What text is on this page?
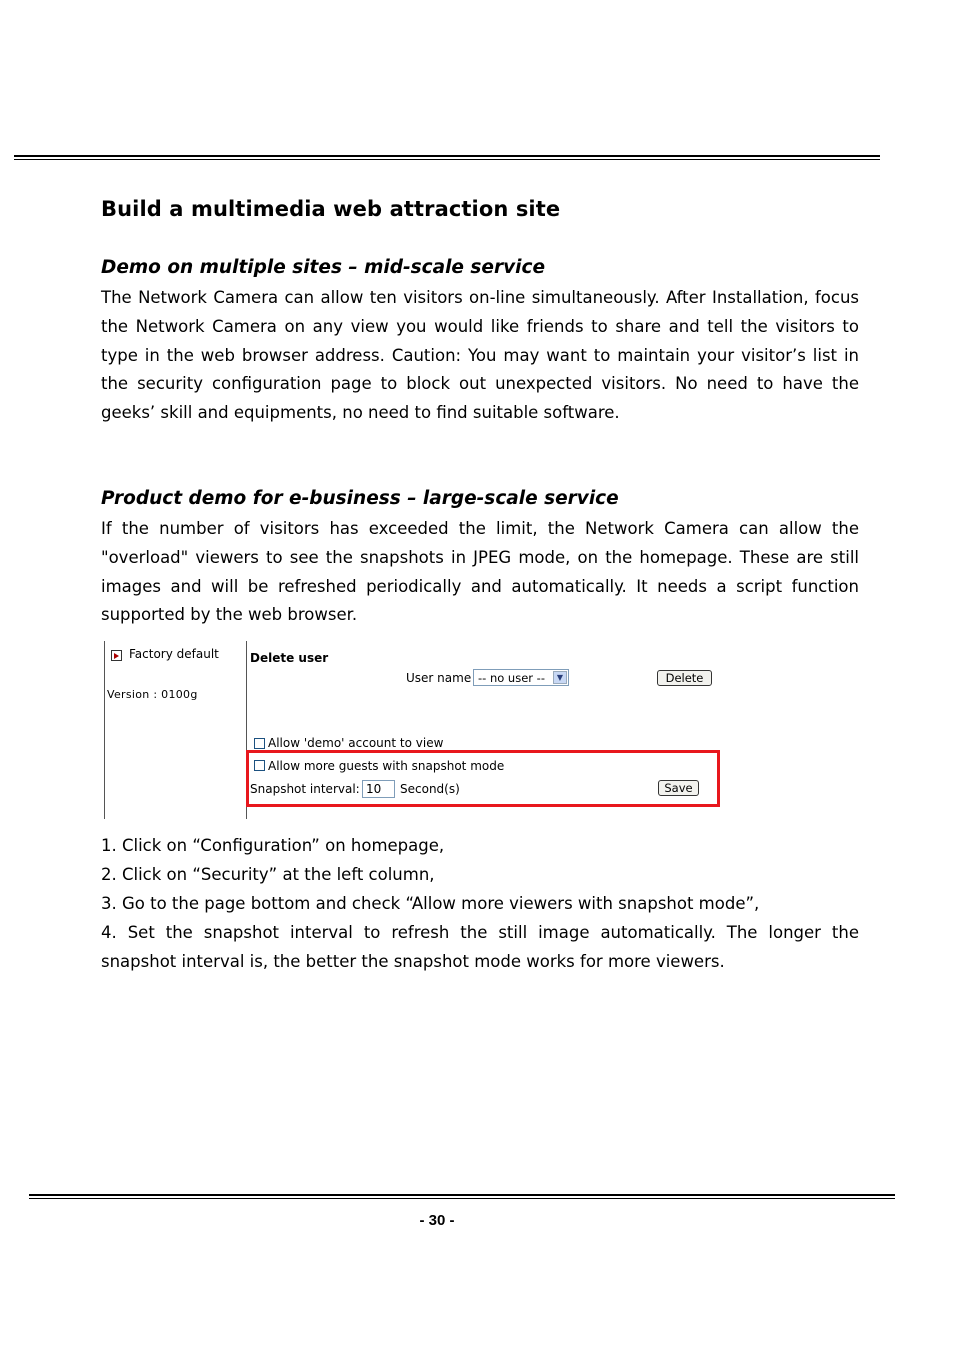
Build a multimedia web attraction site
Demo on multiple sites – mid-scale service

The Network Camera can allow ten visitors on-line simultaneously. After Installation, focus the Network Camera on any view you would like friends to share and tell the visitors to type in the web browser address. Caution: You may want to maintain your visitor’s list in the security configuration page to block out unexpected visitors. No need to have the geeks’ skill and equipments, no need to find suitable software.

Product demo for e-business – large-scale service

If the number of visitors has exceeded the limit, the Network Camera can allow the "overload" viewers to see the snapshots in JPEG mode, on the homepage. These are still images and will be refreshed periodically and automatically. It needs a script function supported by the web browser.

Factory default
Version : 0100g
Delete user
User name -- no user --	▼	Delete
Allow 'demo' account to view
Allow more guests with snapshot mode
Snapshot interval: 10 Second(s)	Save

1. Click on “Configuration” on homepage,

2. Click on “Security” at the left column,

3. Go to the page bottom and check “Allow more viewers with snapshot mode”,

4. Set the snapshot interval to refresh the still image automatically. The longer the snapshot interval is, the better the snapshot mode works for more viewers.

- 30 -
